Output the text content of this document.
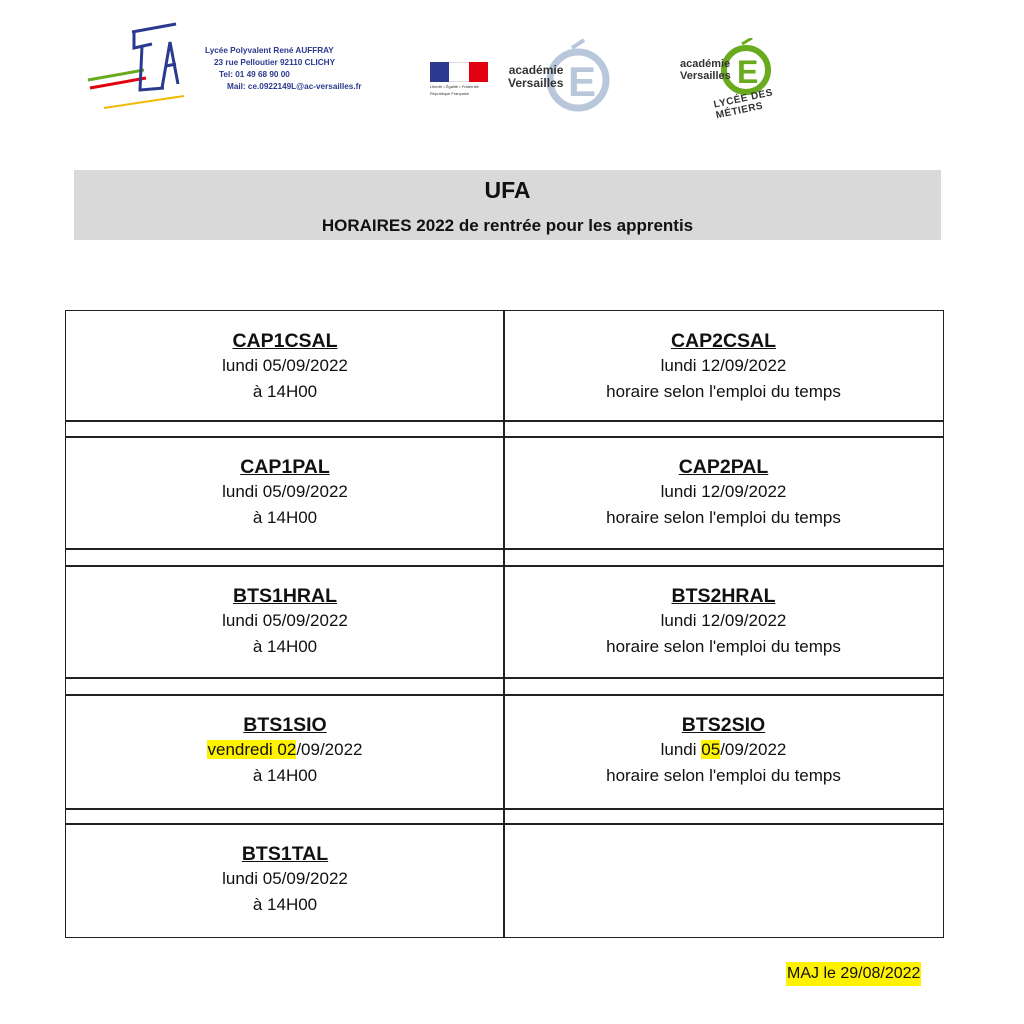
Lycée Polyvalent René AUFFRAY
23 rue Pelloutier 92110 CLICHY
Tel: 01 49 68 90 00
Mail: ce.0922149L@ac-versailles.fr	Liberté • Égalité • Fraternité
République Française	E
académie
Versailles	E
académie
Versailles
LYCÉE DES MÉTIERS
UFA
HORAIRES 2022 de rentrée pour les apprentis
CAP1CSAL
lundi 05/09/2022
à 14H00
CAP2CSAL
lundi 12/09/2022
horaire selon l'emploi du temps
CAP1PAL
lundi 05/09/2022
à 14H00
CAP2PAL
lundi 12/09/2022
horaire selon l'emploi du temps
BTS1HRAL
lundi 05/09/2022
à 14H00
BTS2HRAL
lundi 12/09/2022
horaire selon l'emploi du temps
BTS1SIO
vendredi 02/09/2022
à 14H00
BTS2SIO
lundi 05/09/2022
horaire selon l'emploi du temps
BTS1TAL
lundi 05/09/2022
à 14H00
MAJ le 29/08/2022
